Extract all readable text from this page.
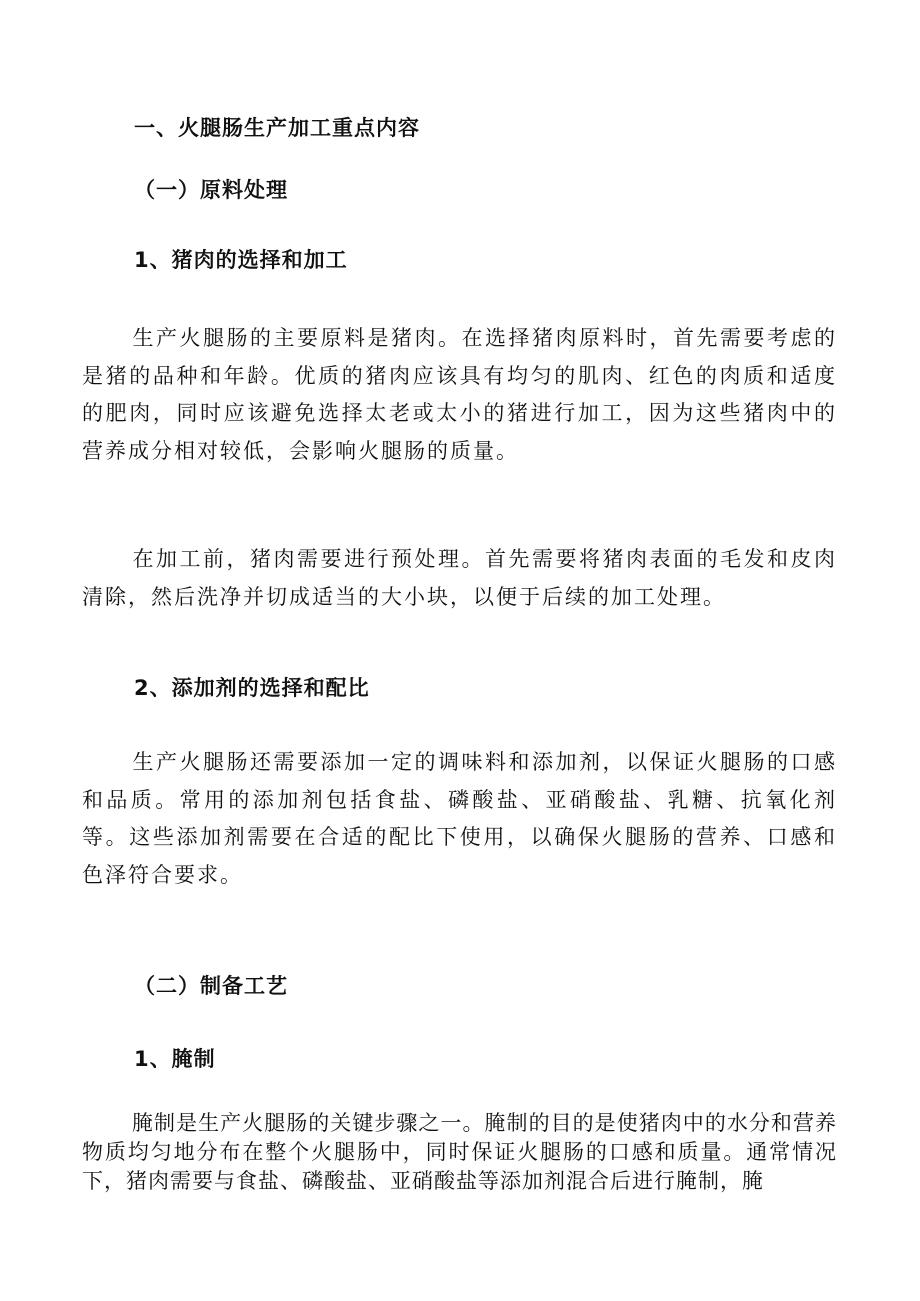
一、火腿肠生产加工重点内容
（一）原料处理
1、猪肉的选择和加工

生产火腿肠的主要原料是猪肉。在选择猪肉原料时，首先需要考虑的是猪的品种和年龄。优质的猪肉应该具有均匀的肌肉、红色的肉质和适度的肥肉，同时应该避免选择太老或太小的猪进行加工，因为这些猪肉中的营养成分相对较低，会影响火腿肠的质量。

在加工前，猪肉需要进行预处理。首先需要将猪肉表面的毛发和皮肉清除，然后洗净并切成适当的大小块，以便于后续的加工处理。

2、添加剂的选择和配比

生产火腿肠还需要添加一定的调味料和添加剂，以保证火腿肠的口感和品质。常用的添加剂包括食盐、磷酸盐、亚硝酸盐、乳糖、抗氧化剂等。这些添加剂需要在合适的配比下使用，以确保火腿肠的营养、口感和色泽符合要求。

（二）制备工艺
1、腌制

腌制是生产火腿肠的关键步骤之一。腌制的目的是使猪肉中的水分和营养物质均匀地分布在整个火腿肠中，同时保证火腿肠的口感和质量。通常情况下，猪肉需要与食盐、磷酸盐、亚硝酸盐等添加剂混合后进行腌制，腌
